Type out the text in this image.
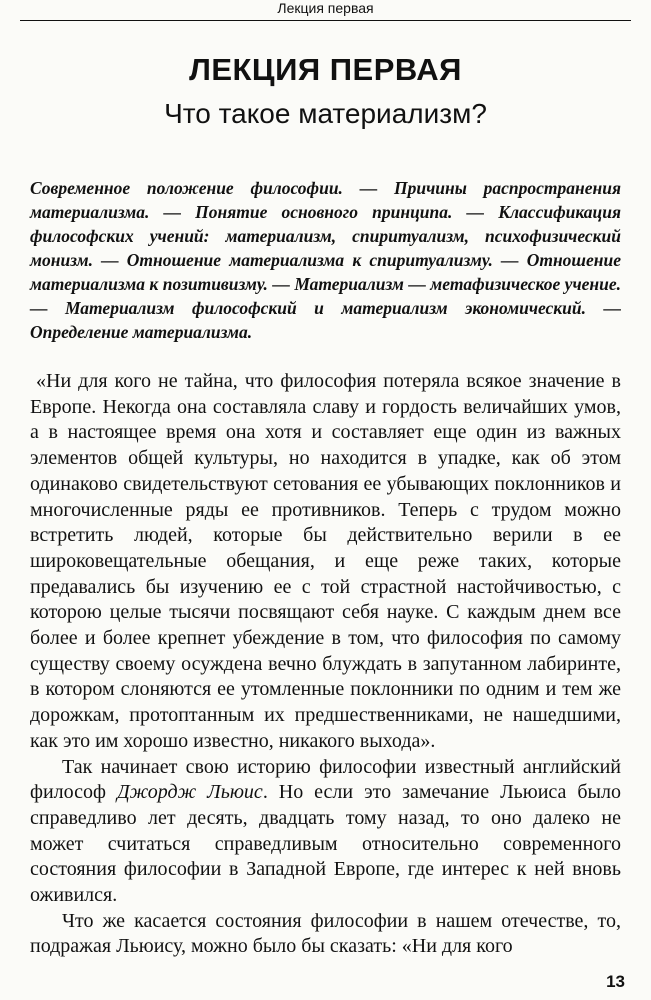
Лекция первая
ЛЕКЦИЯ ПЕРВАЯ
Что такое материализм?
Современное положение философии. — Причины распространения материализма. — Понятие основного принципа. — Классификация философских учений: материализм, спиритуализм, психофизический монизм. — Отношение материализма к спиритуализму. — Отношение материализма к позитивизму. — Материализм — метафизическое учение. — Материализм философский и материализм экономический. — Определение материализма.

«Ни для кого не тайна, что философия потеряла всякое значение в Европе. Некогда она составляла славу и гордость величайших умов, а в настоящее время она хотя и составляет еще один из важных элементов общей культуры, но находится в упадке, как об этом одинаково свидетельствуют сетования ее убывающих поклонников и многочисленные ряды ее противников. Теперь с трудом можно встретить людей, которые бы действительно верили в ее широковещательные обещания, и еще реже таких, которые предавались бы изучению ее с той страстной настойчивостью, с которою целые тысячи посвящают себя науке. С каждым днем все более и более крепнет убеждение в том, что философия по самому существу своему осуждена вечно блуждать в запутанном лабиринте, в котором слоняются ее утомленные поклонники по одним и тем же дорожкам, протоптанным их предшественниками, не нашедшими, как это им хорошо известно, никакого выхода».

Так начинает свою историю философии известный английский философ Джордж Льюис. Но если это замечание Льюиса было справедливо лет десять, двадцать тому назад, то оно далеко не может считаться справедливым относительно современного состояния философии в Западной Европе, где интерес к ней вновь оживился.

Что же касается состояния философии в нашем отечестве, то, подражая Льюису, можно было бы сказать: «Ни для кого

13
